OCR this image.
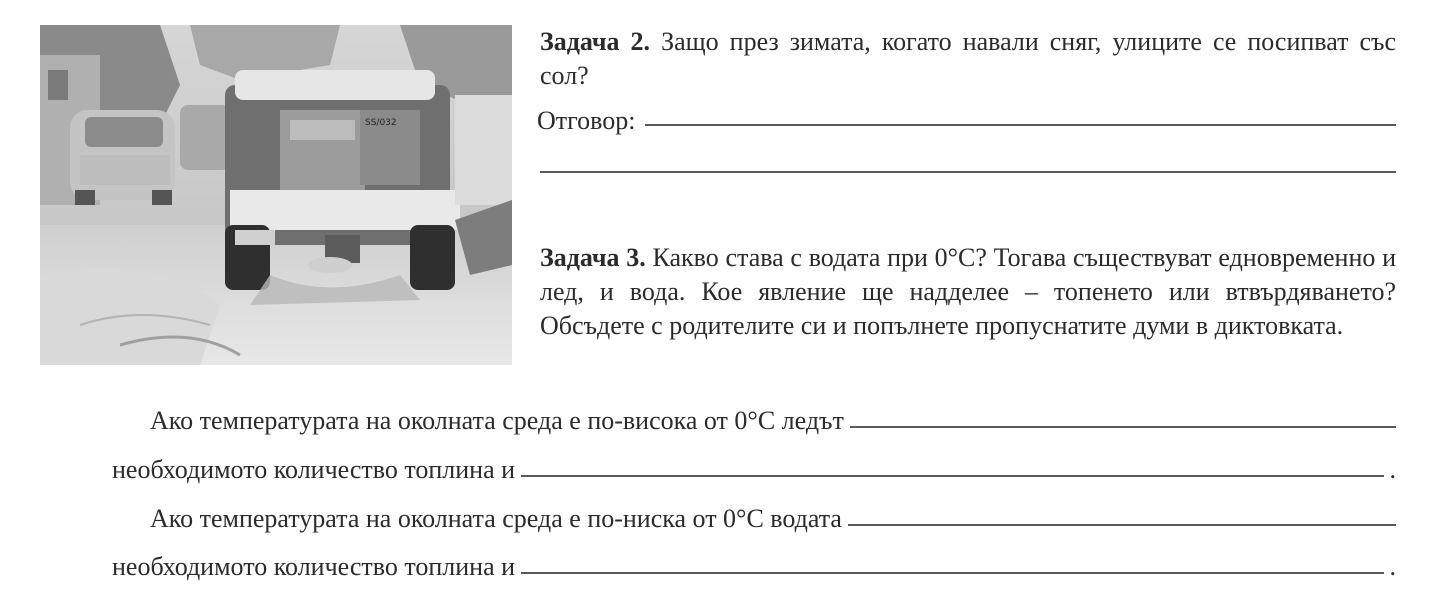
SS/032
Задача 2. Защо през зимата, когато навали сняг, улиците се посипват със сол?
Отговор:
Задача 3. Какво става с водата при 0°C? Тогава съществуват едновременно и лед, и вода. Кое явление ще надделее – топенето или втвърдяването? Обсъдете с родителите си и попълнете пропуснатите думи в диктовката.
Ако температурата на околната среда е по-висока от 0°C ледът
необходимото количество топлина и	.
Ако температурата на околната среда е по-ниска от 0°C водата
необходимото количество топлина и	.
